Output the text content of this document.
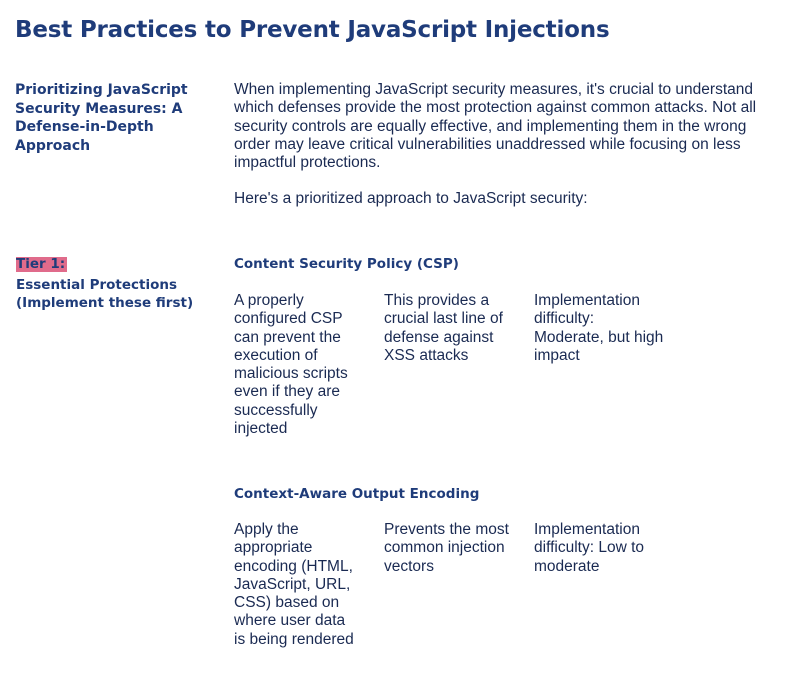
Best Practices to Prevent JavaScript Injections
Prioritizing JavaScript Security Measures: A Defense-in-Depth Approach

When implementing JavaScript security measures, it's crucial to understand which defenses provide the most protection against common attacks. Not all security controls are equally effective, and implementing them in the wrong order may leave critical vulnerabilities unaddressed while focusing on less impactful protections.

Here's a prioritized approach to JavaScript security:

Tier 1:
Essential Protections (Implement these first)
Content Security Policy (CSP)

A properly configured CSP can prevent the execution of malicious scripts even if they are successfully injected

This provides a crucial last line of defense against XSS attacks

Implementation difficulty: Moderate, but high impact

Context-Aware Output Encoding

Apply the appropriate encoding (HTML, JavaScript, URL, CSS) based on where user data is being rendered

Prevents the most common injection vectors

Implementation difficulty: Low to moderate
